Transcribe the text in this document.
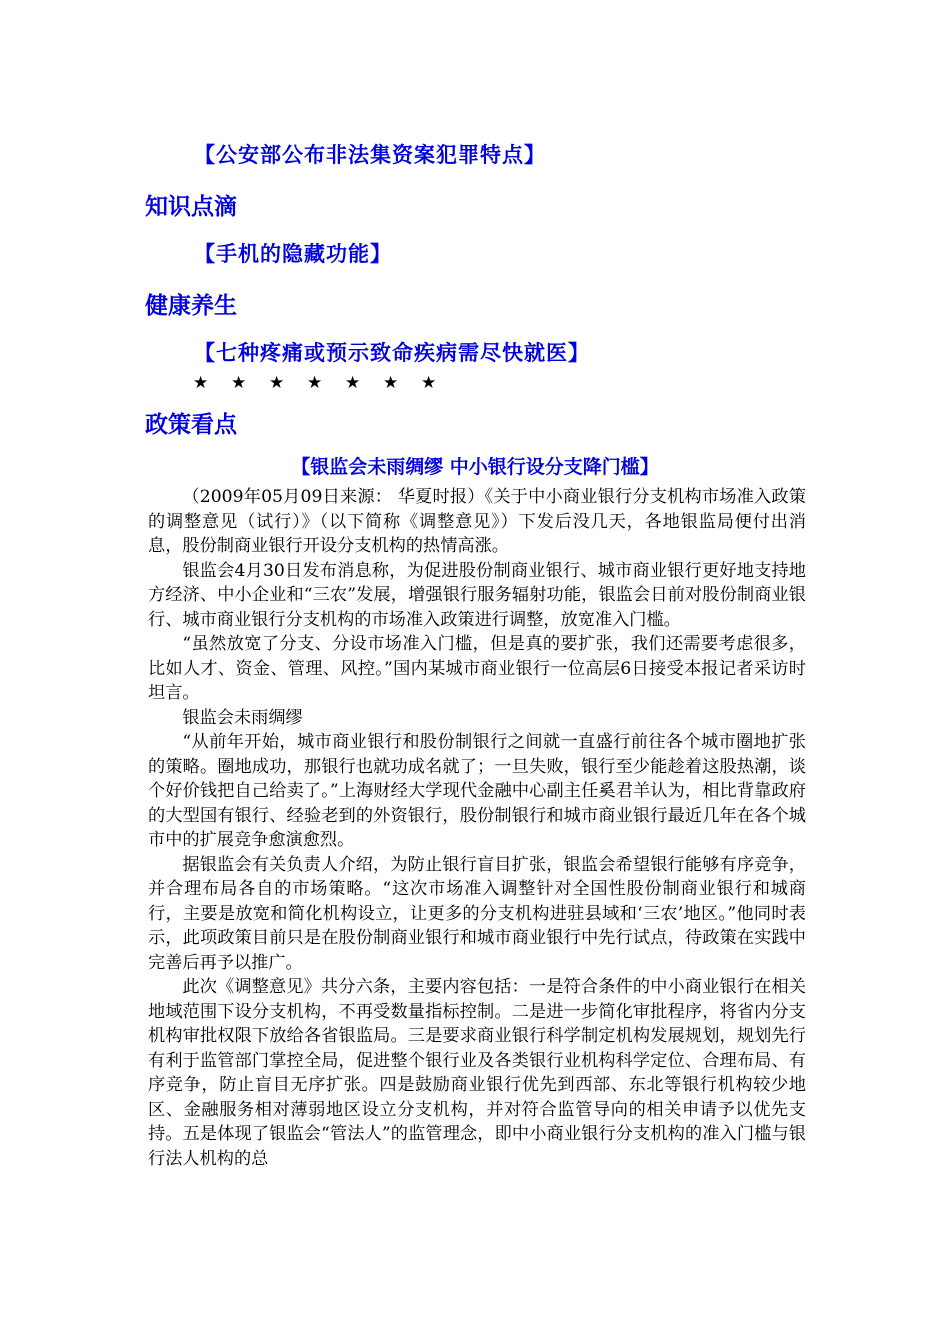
【公安部公布非法集资案犯罪特点】
知识点滴
【手机的隐藏功能】
健康养生
【七种疼痛或预示致命疾病需尽快就医】
★ ★ ★ ★ ★ ★ ★
政策看点
【银监会未雨绸缪 中小银行设分支降门槛】

（2009年05月09日来源： 华夏时报）《关于中小商业银行分支机构市场准入政策的调整意见（试行）》（以下简称《调整意见》）下发后没几天，各地银监局便付出消息，股份制商业银行开设分支机构的热情高涨。

银监会4月30日发布消息称，为促进股份制商业银行、城市商业银行更好地支持地方经济、中小企业和“三农”发展，增强银行服务辐射功能，银监会日前对股份制商业银行、城市商业银行分支机构的市场准入政策进行调整，放宽准入门槛。

“虽然放宽了分支、分设市场准入门槛，但是真的要扩张，我们还需要考虑很多，比如人才、资金、管理、风控。”国内某城市商业银行一位高层6日接受本报记者采访时坦言。

银监会未雨绸缪

“从前年开始，城市商业银行和股份制银行之间就一直盛行前往各个城市圈地扩张的策略。圈地成功，那银行也就功成名就了；一旦失败，银行至少能趁着这股热潮，谈个好价钱把自己给卖了。”上海财经大学现代金融中心副主任奚君羊认为，相比背靠政府的大型国有银行、经验老到的外资银行，股份制银行和城市商业银行最近几年在各个城市中的扩展竞争愈演愈烈。

据银监会有关负责人介绍，为防止银行盲目扩张，银监会希望银行能够有序竞争，并合理布局各自的市场策略。“这次市场准入调整针对全国性股份制商业银行和城商行，主要是放宽和简化机构设立，让更多的分支机构进驻县域和‘三农’地区。”他同时表示，此项政策目前只是在股份制商业银行和城市商业银行中先行试点，待政策在实践中完善后再予以推广。

此次《调整意见》共分六条，主要内容包括：一是符合条件的中小商业银行在相关地域范围下设分支机构，不再受数量指标控制。二是进一步简化审批程序，将省内分支机构审批权限下放给各省银监局。三是要求商业银行科学制定机构发展规划，规划先行有利于监管部门掌控全局，促进整个银行业及各类银行业机构科学定位、合理布局、有序竞争，防止盲目无序扩张。四是鼓励商业银行优先到西部、东北等银行机构较少地区、金融服务相对薄弱地区设立分支机构，并对符合监管导向的相关申请予以优先支持。五是体现了银监会“管法人”的监管理念，即中小商业银行分支机构的准入门槛与银行法人机构的总
